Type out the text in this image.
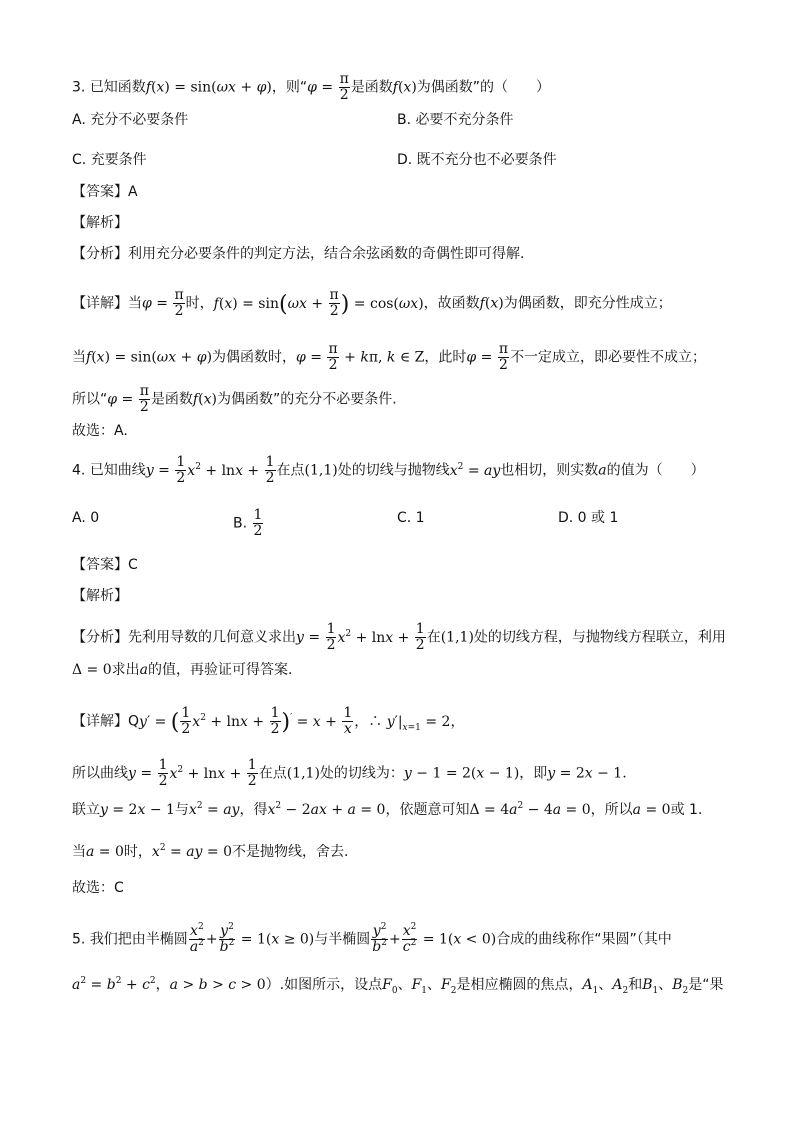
3. 已知函数f(x) = sin(ωx + φ)，则“$\varphi = \frac{\pi}{2}$ 是函数f(x)为偶函数”的（　　）
A. 充分不必要条件	B. 必要不充分条件
C. 充要条件	D. 既不充分也不必要条件
【答案】A
【解析】
【分析】利用充分必要条件的判定方法，结合余弦函数的奇偶性即可得解.
【详解】当$\varphi = \frac{\pi}{2}$ 时，$f(x) = \sin(\omega x + \frac{\pi}{2}$ ) = cos(ωx)，故函数f(x)为偶函数，即充分性成立；
当f(x) = sin(ωx + φ)为偶函数时，$\varphi = \frac{\pi}{2} + k\pi$, k ∈ Z，此时$\varphi = \frac{\pi}{2}$ 不一定成立，即必要性不成立；
所以“$\varphi = \frac{\pi}{2}$ 是函数f(x)为偶函数”的充分不必要条件.
故选：A.
4. 已知曲线$y = \frac{1}{2} x^2 + \ln x + \frac{1}{2}$ 在点(1,1)处的切线与抛物线$x^2$ = ay也相切，则实数a的值为（　　）
A. 0	B. $\frac{1}{2}$	C. 1	D. 0 或 1
【答案】C
【解析】
【分析】先利用导数的几何意义求出$y = \frac{1}{2} x^2 + \ln x + \frac{1}{2}$ 在(1,1)处的切线方程，与抛物线方程联立，利用
Δ = 0求出a的值，再验证可得答案.
【详解】Qy′ = ( $\frac{1}{2} x^2 + \ln x + \frac{1}{2} )' = x + \frac{1}{x}$ ，∴ $y'|_{x=1} = 2$，
所以曲线$y = \frac{1}{2} x^2 + \ln x + \frac{1}{2}$ 在点(1,1)处的切线为：y − 1 = 2(x − 1)，即y = 2x − 1.
联立y = 2x − 1与$x^2$ = ay，得$x^2 - 2ax + a = 0$，依题意可知$\Delta = 4a^2 - 4a = 0$，所以a = 0或 1.
当a = 0时，$x^2$ = ay = 0不是抛物线，舍去.
故选：C
5. 我们把由半椭圆 $\frac{x^2}{a^2} + \frac{y^2}{b^2} = 1(x \ge 0)$与半椭圆 $\frac{y^2}{b^2} + \frac{x^2}{c^2} = 1(x < 0)$合成的曲线称作“果圆”（其中
$a^2 = b^2 + c^2$，a > b > c > 0）.如图所示，设点$F_0$、$F_1$、$F_2$是相应椭圆的焦点，$A_1$、$A_2$和$B_1$、$B_2$是“果
